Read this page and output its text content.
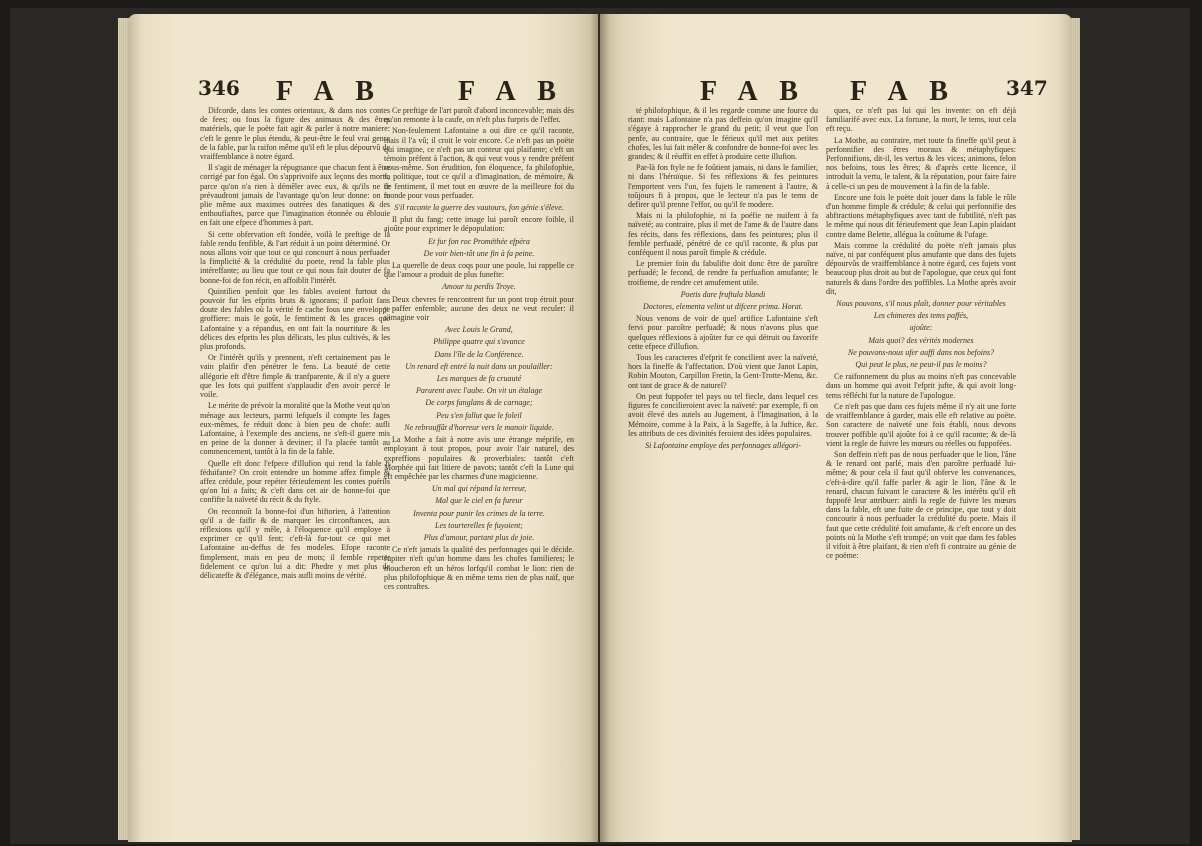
346 F A B	F A B

Difcorde, dans les contes orientaux, & dans nos contes de fees; ou fous la figure des animaux & des êtres matériels, que le poëte fait agir & parler à notre maniere: c'eft le genre le plus étendu, & peut-être le feul vrai genre de la fable, par la raifon même qu'il eft le plus dépourvû de vraiffemblance à notre égard.

Il s'agit de ménager la répugnance que chacun fent à être corrigé par fon égal. On s'apprivoife aux leçons des morts, parce qu'on n'a rien à démêler avec eux, & qu'ils ne fe prévaudront jamais de l'avantage qu'on leur donne: on fe plie même aux maximes outrées des fanatiques & des enthoufiaftes, parce que l'imagination étonnée ou éblouie en fait une efpece d'hommes à part.

Si cette obfervation eft fondée, voilà le preftige de la fable rendu fenfible, & l'art réduit à un point déterminé. Or nous allons voir que tout ce qui concourt à nous perfuader la fimplicité & la crédulité du poete, rend la fable plus intéreffante; au lieu que tout ce qui nous fait douter de fa bonne-foi de fon récit, en affoiblit l'intérêt.

Quintilien penfoit que les fables avoient furtout du pouvoir fur les efprits bruts & ignorans; il parloit fans doute des fables où la vérité fe cache fous une enveloppe groffiere: mais le goût, le fentiment & les graces que Lafontaine y a répandus, en ont fait la nourriture & les délices des efprits les plus délicats, les plus cultivés, & les plus profonds.

Or l'intérêt qu'ils y prennent, n'eft certainement pas le vain plaifir d'en pénétrer le fens. La beauté de cette allégorie eft d'être fimple & tranfparente, & il n'y a guere que les fots qui puiffent s'applaudir d'en avoir percé le voile.

Le mérite de prévoir la moralité que la Mothe veut qu'on ménage aux lecteurs, parmi lefquels il compte les fages eux-mêmes, fe réduit donc à bien peu de chofe: aufli Lafontaine, à l'exemple des anciens, ne s'eft-il guere mis en peine de la donner à deviner; il l'a placée tantôt au commencement, tantôt à la fin de la fable.

Quelle eft donc l'efpece d'illufion qui rend la fable fi féduifante? On croit entendre un homme affez fimple & affez crédule, pour repéter férieufement les contes puérils qu'on lui a faits; & c'eft dans cet air de bonne-foi que confifte la naïveté du récit & du ftyle.

On reconnoît la bonne-foi d'un hiftorien, à l'attention qu'il a de faifir & de marquer les circonftances, aux réflexions qu'il y mêle, à l'éloquence qu'il employe à exprimer ce qu'il fent; c'eft-là fur-tout ce qui met Lafontaine au-deffus de fes modeles. Efope raconte fimplement, mais en peu de mots; il femble repeter fidelement ce qu'on lui a dit: Phedre y met plus de délicateffe & d'élégance, mais aufli moins de vérité.

Ce preftige de l'art paroît d'abord inconcevable; mais dès qu'on remonte à la caufe, on n'eft plus furpris de l'effet.

Non-feulement Lafontaine a oui dire ce qu'il raconte, mais il l'a vû; il croit le voir encore. Ce n'eft pas un poëte qui imagine, ce n'eft pas un conteur qui plaifante; c'eft un témoin préfent à l'action, & qui veut vous y rendre préfent vous-même. Son érudition, fon éloquence, fa philofophie, fa politique, tout ce qu'il a d'imagination, de mémoire, & de fentiment, il met tout en œuvre de la meilleure foi du monde pour vous perfuader.

S'il raconte la guerre des vautours, fon génie s'éleve.

Il plut du fang; cette image lui paroît encore foible, il ajoûte pour exprimer le dépopulation:

Et fur fon roc Prométhée efpéra

De voir bien-tôt une fin à fa peine.

La querelle de deux coqs pour une poule, lui rappelle ce que l'amour a produit de plus funefte:

Amour tu perdis Troye.

Deux chevres fe rencontrent fur un pont trop étroit pour y paffer enfemble; aucune des deux ne veut reculer: il s'imagine voir

Avec Louis le Grand,

Philippe quatre qui s'avance

Dans l'île de la Conférence.

Un renard eft entré la nuit dans un poulailler:

Les marques de fa cruauté

Parurent avec l'aube. On vit un étalage

De corps fanglans & de carnage;

Peu s'en fallut que le foleil

Ne rebrouffât d'horreur vers le manoir liquide.

La Mothe a fait à notre avis une étrange méprife, en employant à tout propos, pour avoir l'air naturel, des expreffions populaires & proverbiales: tantôt c'eft Morphée qui fait litiere de pavots; tantôt c'eft la Lune qui eft empêchée par les charmes d'une magicienne.

Un mal qui répand la terreur,

Mal que le ciel en fa fureur

Inventa pour punir les crimes de la terre.

Les tourterelles fe fuyoient;

Plus d'amour, partant plus de joie.

Ce n'eft jamais la qualité des perfonnages qui le décide. Jupiter n'eft qu'un homme dans les chofes familieres; le moucheron eft un héros lorfqu'il combat le lion: rien de plus philofophique & en même tems rien de plus naïf, que ces contraftes.

F A B F A B	347

té philofophique, & il les regarde comme une fource du riant: mais Lafontaine n'a pas deffein qu'on imagine qu'il s'égaye à rapprocher le grand du petit; il veut que l'on penfe, au contraire, que le férieux qu'il met aux petites chofes, les lui fait mêler & confondre de bonne-foi avec les grandes; & il réuffit en effet à produire cette illufion.

Par-là fon ftyle ne fe foûtient jamais, ni dans le familier, ni dans l'héroïque. Si fes réflexions & fes peintures l'emportent vers l'un, fes fujets le ramenent à l'autre, & toûjours fi à propos, que le lecteur n'a pas le tems de defirer qu'il prenne l'effor, ou qu'il fe modere.

Mais ni la philofophie, ni fa poéfie ne nuifent à fa naïveté; au contraire, plus il met de l'ame & de l'autre dans fes récits, dans fes réflexions, dans fes peintures; plus il femble perfuadé, pénétré de ce qu'il raconte, & plus par conféquent il nous paroît fimple & crédule.

Le premier foin du fabulifte doit donc être de paroître perfuadé; le fecond, de rendre fa perfuafion amufante; le troifieme, de rendre cet amufement utile.

Poetis dare fruftula blandi

Doctores, elementa velint ut difcere prima. Horat.

Nous venons de voir de quel artifice Lafontaine s'eft fervi pour paroître perfuadé; & nous n'avons plus que quelques réflexions à ajoûter fur ce qui détruit ou favorife cette efpece d'illufion.

Tous les caracteres d'efprit fe concilient avec la naïveté, hors la fineffe & l'affectation. D'où vient que Janot Lapin, Robin Mouton, Carpillon Fretin, la Gent-Trotte-Menu, &c. ont tant de grace & de naturel?

On peut fuppofer tel pays ou tel fiecle, dans lequel ces figures fe concilieroient avec la naïveté: par exemple, fi on avoit élevé des autels au Jugement, à l'Imagination, à la Mémoire, comme à la Paix, à la Sageffe, à la Juftice, &c. les attributs de ces divinités feroient des idées populaires.

Si Lafontaine employe des perfonnages allégori-

ques, ce n'eft pas lui qui les invente: on eft déjà familiarifé avec eux. La fortune, la mort, le tems, tout cela eft reçu.

La Mothe, au contraire, met toute fa fineffe qu'il peut à perfonnifier des êtres moraux & métaphyfiques: Perfonnifions, dit-il, les vertus & les vices; animons, felon nos befoins, tous les êtres; & d'après cette licence, il introduit la vertu, le talent, & la réputation, pour faire faire à celle-ci un peu de mouvement à la fin de la fable.

Encore une fois le poëte doit jouer dans la fable le rôle d'un homme fimple & crédule; & celui qui perfonnifie des abftractions métaphyfiques avec tant de fubtilité, n'eft pas le même qui nous dit férieufement que Jean Lapin plaidant contre dame Belette, allégua la coûtume & l'ufage.

Mais comme la crédulité du poëte n'eft jamais plus naïve, ni par conféquent plus amufante que dans des fujets dépourvûs de vraiffemblance à notre égard, ces fujets vont beaucoup plus droit au but de l'apologue, que ceux qui font naturels & dans l'ordre des poffibles. La Mothe après avoir dit,

Nous pouvons, s'il nous plaît, donner pour véritables

Les chimeres des tems paffés,

ajoûte:

Mais quoi? des vérités modernes

Ne pouvons-nous ufer auffi dans nos befoins?

Qui peut le plus, ne peut-il pas le moins?

Ce raifonnement du plus au moins n'eft pas concevable dans un homme qui avoit l'efprit jufte, & qui avoit long-tems réfléchi fur la nature de l'apologue.

Ce n'eft pas que dans ces fujets même il n'y ait une forte de vraiffemblance à garder, mais elle eft relative au poëte. Son caractere de naïveté une fois établi, nous devons trouver poffible qu'il ajoûte foi à ce qu'il raconte; & de-là vient la regle de fuivre les mœurs ou réelles ou fuppofées.

Son deffein n'eft pas de nous perfuader que le lion, l'âne & le renard ont parlé, mais d'en paroître perfuadé lui-même; & pour cela il faut qu'il obferve les convenances, c'eft-à-dire qu'il faffe parler & agir le lion, l'âne & le renard, chacun fuivant le caractere & les intérêts qu'il eft fuppofé leur attribuer: ainfi la regle de fuivre les mœurs dans la fable, eft une fuite de ce principe, que tout y doit concourir à nous perfuader la crédulité du poete. Mais il faut que cette crédulité foit amufante, & c'eft encore un des points où la Mothe s'eft trompé; on voit que dans fes fables il vifoit à être plaifant, & rien n'eft fi contraire au génie de ce poëme:
